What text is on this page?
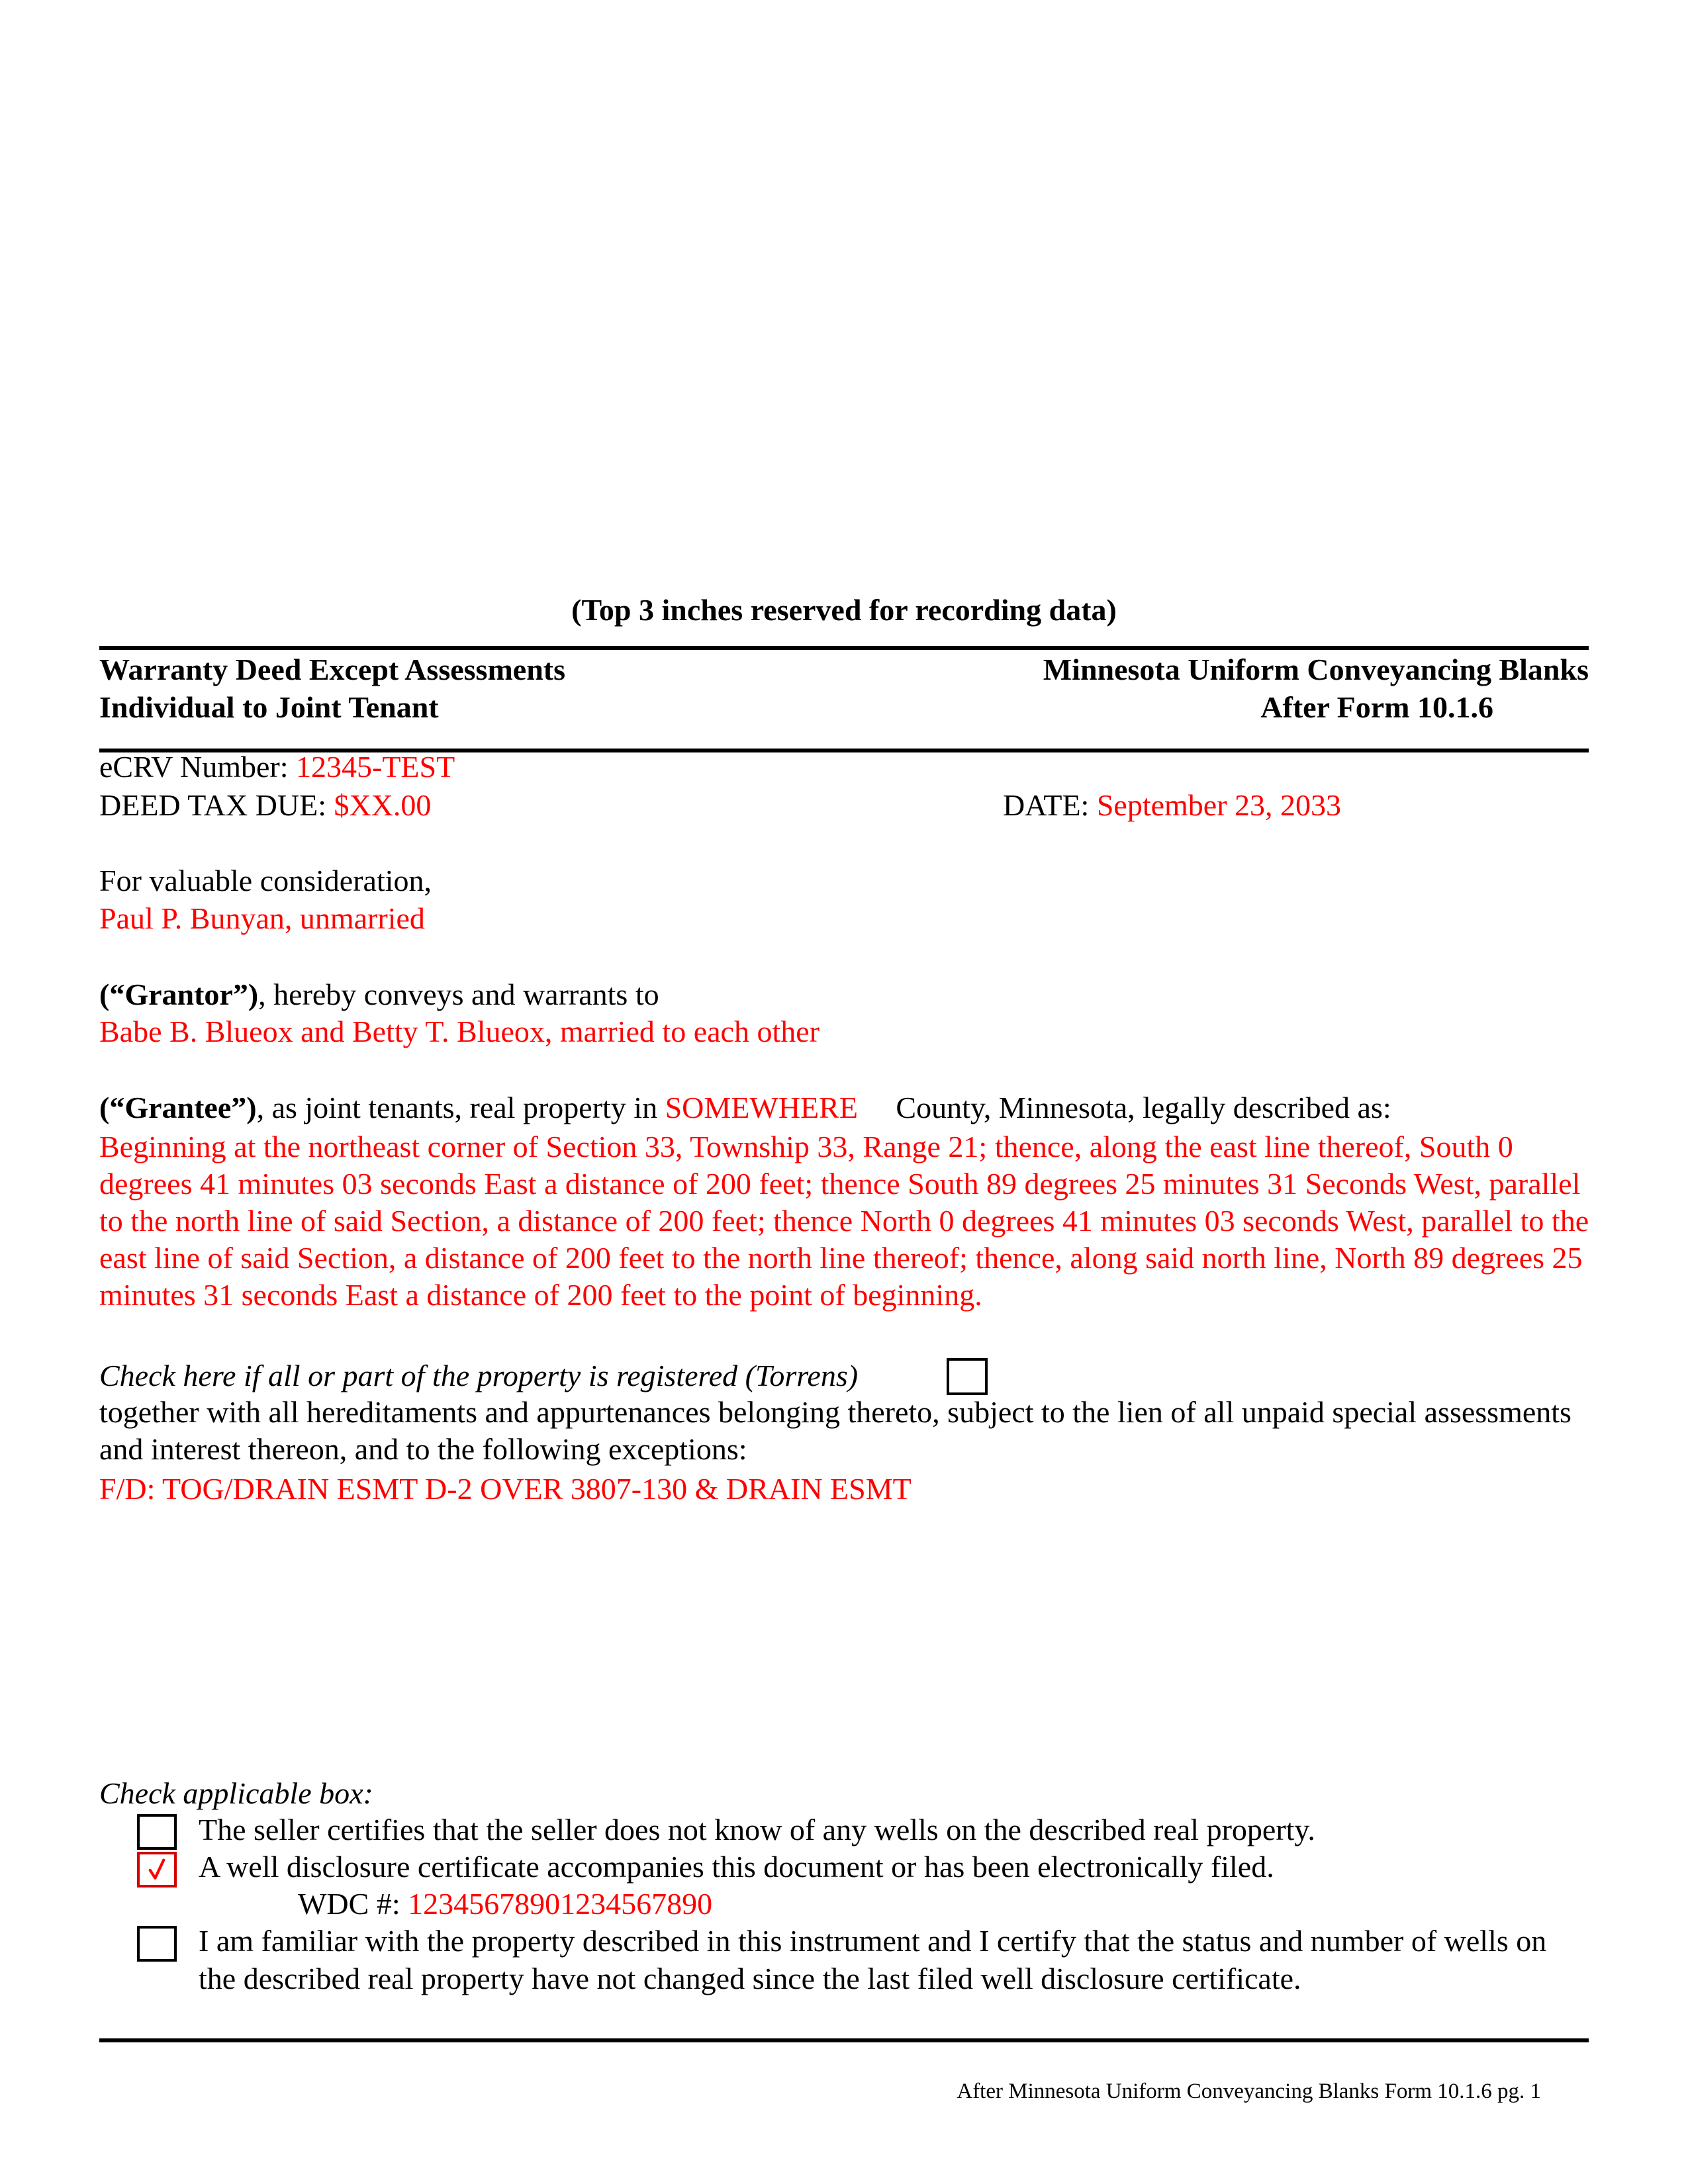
(Top 3 inches reserved for recording data)
Warranty Deed Except Assessments
Individual to Joint Tenant
Minnesota Uniform Conveyancing Blanks
After Form 10.1.6
eCRV Number: 12345-TEST
DEED TAX DUE: $XX.00	DATE: September 23, 2033
For valuable consideration,
Paul P. Bunyan, unmarried
(“Grantor”), hereby conveys and warrants to
Babe B. Blueox and Betty T. Blueox, married to each other
(“Grantee”), as joint tenants, real property in SOMEWHERE County, Minnesota, legally described as:
Beginning at the northeast corner of Section 33, Township 33, Range 21; thence, along the east line thereof, South 0 degrees 41 minutes 03 seconds East a distance of 200 feet; thence South 89 degrees 25 minutes 31 Seconds West, parallel to the north line of said Section, a distance of 200 feet; thence North 0 degrees 41 minutes 03 seconds West, parallel to the east line of said Section, a distance of 200 feet to the north line thereof; thence, along said north line, North 89 degrees 25 minutes 31 seconds East a distance of 200 feet to the point of beginning.
Check here if all or part of the property is registered (Torrens)
together with all hereditaments and appurtenances belonging thereto, subject to the lien of all unpaid special assessments and interest thereon, and to the following exceptions:
F/D: TOG/DRAIN ESMT D-2 OVER 3807-130 & DRAIN ESMT
Check applicable box:
The seller certifies that the seller does not know of any wells on the described real property.
A well disclosure certificate accompanies this document or has been electronically filed.
WDC #: 12345678901234567890
I am familiar with the property described in this instrument and I certify that the status and number of wells on the described real property have not changed since the last filed well disclosure certificate.
After Minnesota Uniform Conveyancing Blanks Form 10.1.6 pg. 1
